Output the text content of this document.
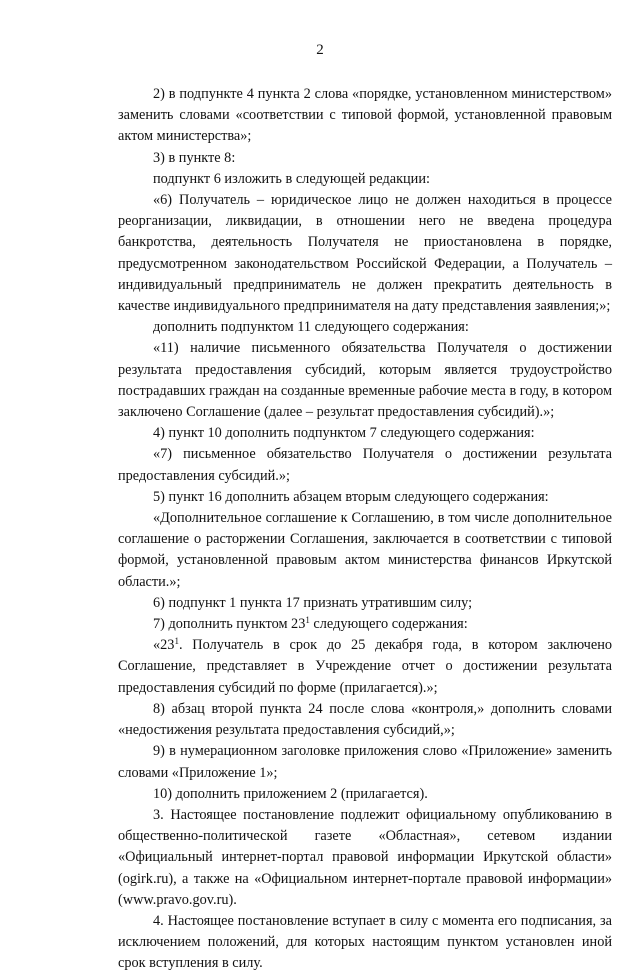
2

2) в подпункте 4 пункта 2 слова «порядке, установленном министерством» заменить словами «соответствии с типовой формой, установленной правовым актом министерства»;

3) в пункте 8:

подпункт 6 изложить в следующей редакции:

«6) Получатель – юридическое лицо не должен находиться в процессе реорганизации, ликвидации, в отношении него не введена процедура банкротства, деятельность Получателя не приостановлена в порядке, предусмотренном законодательством Российской Федерации, а Получатель – индивидуальный предприниматель не должен прекратить деятельность в качестве индивидуального предпринимателя на дату представления заявления;»;

дополнить подпунктом 11 следующего содержания:

«11) наличие письменного обязательства Получателя о достижении результата предоставления субсидий, которым является трудоустройство пострадавших граждан на созданные временные рабочие места в году, в котором заключено Соглашение (далее – результат предоставления субсидий).»;

4) пункт 10 дополнить подпунктом 7 следующего содержания:

«7) письменное обязательство Получателя о достижении результата предоставления субсидий.»;

5) пункт 16 дополнить абзацем вторым следующего содержания:

«Дополнительное соглашение к Соглашению, в том числе дополнительное соглашение о расторжении Соглашения, заключается в соответствии с типовой формой, установленной правовым актом министерства финансов Иркутской области.»;

6) подпункт 1 пункта 17 признать утратившим силу;

7) дополнить пунктом $23^1$ следующего содержания:

«$23^1$. Получатель в срок до 25 декабря года, в котором заключено Соглашение, представляет в Учреждение отчет о достижении результата предоставления субсидий по форме (прилагается).»;

8) абзац второй пункта 24 после слова «контроля,» дополнить словами «недостижения результата предоставления субсидий,»;

9) в нумерационном заголовке приложения слово «Приложение» заменить словами «Приложение 1»;

10) дополнить приложением 2 (прилагается).

3. Настоящее постановление подлежит официальному опубликованию в общественно-политической газете «Областная», сетевом издании «Официальный интернет-портал правовой информации Иркутской области» (ogirk.ru), а также на «Официальном интернет-портале правовой информации» (www.pravo.gov.ru).

4. Настоящее постановление вступает в силу с момента его подписания, за исключением положений, для которых настоящим пунктом установлен иной срок вступления в силу.
